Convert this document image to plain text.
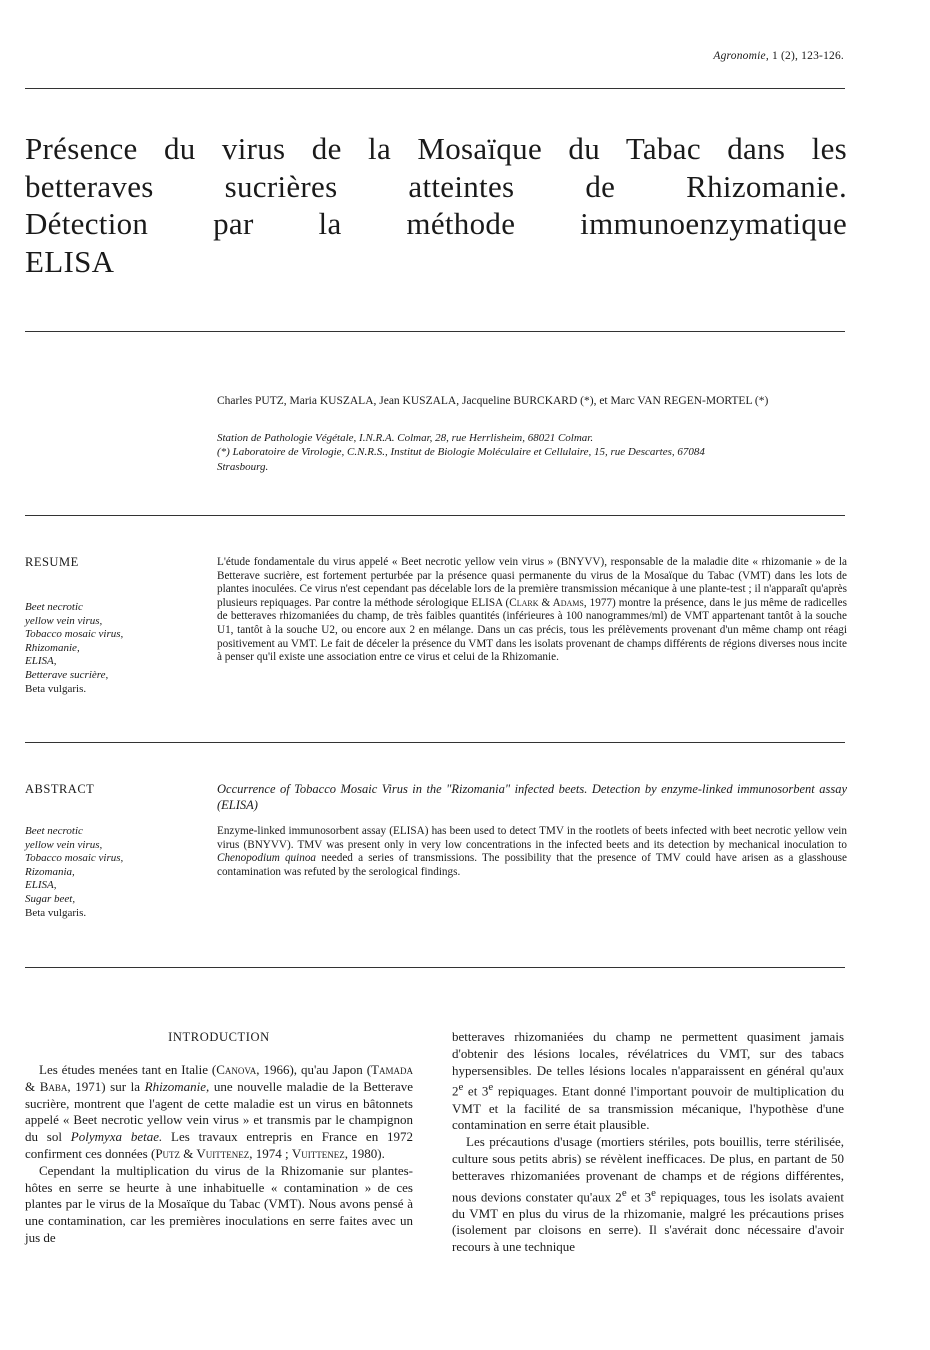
Agronomie, 1 (2), 123-126.
Présence du virus de la Mosaïque du Tabac dans les
betteraves sucrières atteintes de Rhizomanie.
Détection par la méthode immunoenzymatique
ELISA
Charles PUTZ, Maria KUSZALA, Jean KUSZALA, Jacqueline BURCKARD (*), et Marc VAN REGEN-MORTEL (*)
Station de Pathologie Végétale, I.N.R.A. Colmar, 28, rue Herrlisheim, 68021 Colmar.
(*) Laboratoire de Virologie, C.N.R.S., Institut de Biologie Moléculaire et Cellulaire, 15, rue Descartes, 67084
Strasbourg.
RESUME
Beet necrotic
yellow vein virus,
Tobacco mosaic virus,
Rhizomanie,
ELISA,
Betterave sucrière,
Beta vulgaris.
L'étude fondamentale du virus appelé « Beet necrotic yellow vein virus » (BNYVV), responsable de la maladie dite « rhizomanie » de la Betterave sucrière, est fortement perturbée par la présence quasi permanente du virus de la Mosaïque du Tabac (VMT) dans les lots de plantes inoculées. Ce virus n'est cependant pas décelable lors de la première transmission mécanique à une plante-test ; il n'apparaît qu'après plusieurs repiquages. Par contre la méthode sérologique ELISA (Clark & Adams, 1977) montre la présence, dans le jus même de radicelles de betteraves rhizomaniées du champ, de très faibles quantités (inférieures à 100 nanogrammes/ml) de VMT appartenant tantôt à la souche U1, tantôt à la souche U2, ou encore aux 2 en mélange. Dans un cas précis, tous les prélèvements provenant d'un même champ ont réagi positivement au VMT. Le fait de déceler la présence du VMT dans les isolats provenant de champs différents de régions diverses nous incite à penser qu'il existe une association entre ce virus et celui de la Rhizomanie.
ABSTRACT	Occurrence of Tobacco Mosaic Virus in the "Rizomania" infected beets. Detection by enzyme-linked immunosorbent assay (ELISA)
Beet necrotic
yellow vein virus,
Tobacco mosaic virus,
Rizomania,
ELISA,
Sugar beet,
Beta vulgaris.
Enzyme-linked immunosorbent assay (ELISA) has been used to detect TMV in the rootlets of beets infected with beet necrotic yellow vein virus (BNYVV). TMV was present only in very low concentrations in the infected beets and its detection by mechanical inoculation to Chenopodium quinoa needed a series of transmissions. The possibility that the presence of TMV could have arisen as a glasshouse contamination was refuted by the serological findings.
INTRODUCTION

Les études menées tant en Italie (Canova, 1966), qu'au Japon (Tamada & Baba, 1971) sur la Rhizomanie, une nouvelle maladie de la Betterave sucrière, montrent que l'agent de cette maladie est un virus en bâtonnets appelé « Beet necrotic yellow vein virus » et transmis par le champignon du sol Polymyxa betae. Les travaux entrepris en France en 1972 confirment ces données (Putz & Vuittenez, 1974 ; Vuittenez, 1980).

Cependant la multiplication du virus de la Rhizomanie sur plantes-hôtes en serre se heurte à une inhabituelle « contamination » de ces plantes par le virus de la Mosaïque du Tabac (VMT). Nous avons pensé à une contamination, car les premières inoculations en serre faites avec un jus de

betteraves rhizomaniées du champ ne permettent quasiment jamais d'obtenir des lésions locales, révélatrices du VMT, sur des tabacs hypersensibles. De telles lésions locales n'apparaissent en général qu'aux 2e et 3e repiquages. Etant donné l'important pouvoir de multiplication du VMT et la facilité de sa transmission mécanique, l'hypothèse d'une contamination en serre était plausible.

Les précautions d'usage (mortiers stériles, pots bouillis, terre stérilisée, culture sous petits abris) se révèlent inefficaces. De plus, en partant de 50 betteraves rhizomaniées provenant de champs et de régions différentes, nous devions constater qu'aux 2e et 3e repiquages, tous les isolats avaient du VMT en plus du virus de la rhizomanie, malgré les précautions prises (isolement par cloisons en serre). Il s'avérait donc nécessaire d'avoir recours à une technique
